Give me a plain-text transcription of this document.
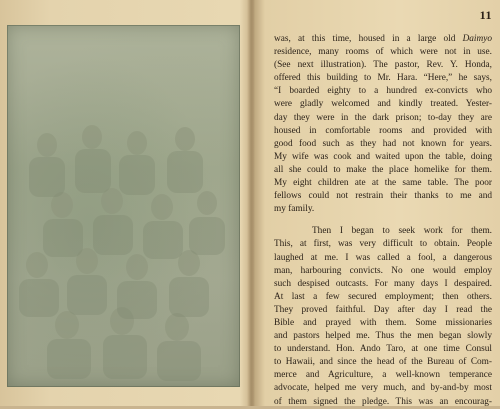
11
was, at this time, housed in a large old Daimyo
residence, many rooms of which were not in use.
(See next illustration). The pastor, Rev. Y. Honda,
offered this building to Mr. Hara. “Here,” he says,
“I boarded eighty to a hundred ex-convicts who
were gladly welcomed and kindly treated. Yester-
day they were in the dark prison; to-day they are
housed in comfortable rooms and provided with
good food such as they had not known for years.
My wife was cook and waited upon the table, doing
all she could to make the place homelike for them.
My eight children ate at the same table. The poor
fellows could not restrain their thanks to me and
my family.
Then I began to seek work for them.
This, at first, was very difficult to obtain. People
laughed at me. I was called a fool, a dangerous
man, harbouring convicts. No one would employ
such despised outcasts. For many days I despaired.
At last a few secured employment; then others.
They proved faithful. Day after day I read the
Bible and prayed with them. Some missionaries
and pastors helped me. Thus the men began slowly
to understand. Hon. Ando Taro, at one time Consul
to Hawaii, and since the head of the Bureau of Com-
merce and Agriculture, a well-known temperance
advocate, helped me very much, and by-and-by most
of them signed the pledge. This was an encourag-
